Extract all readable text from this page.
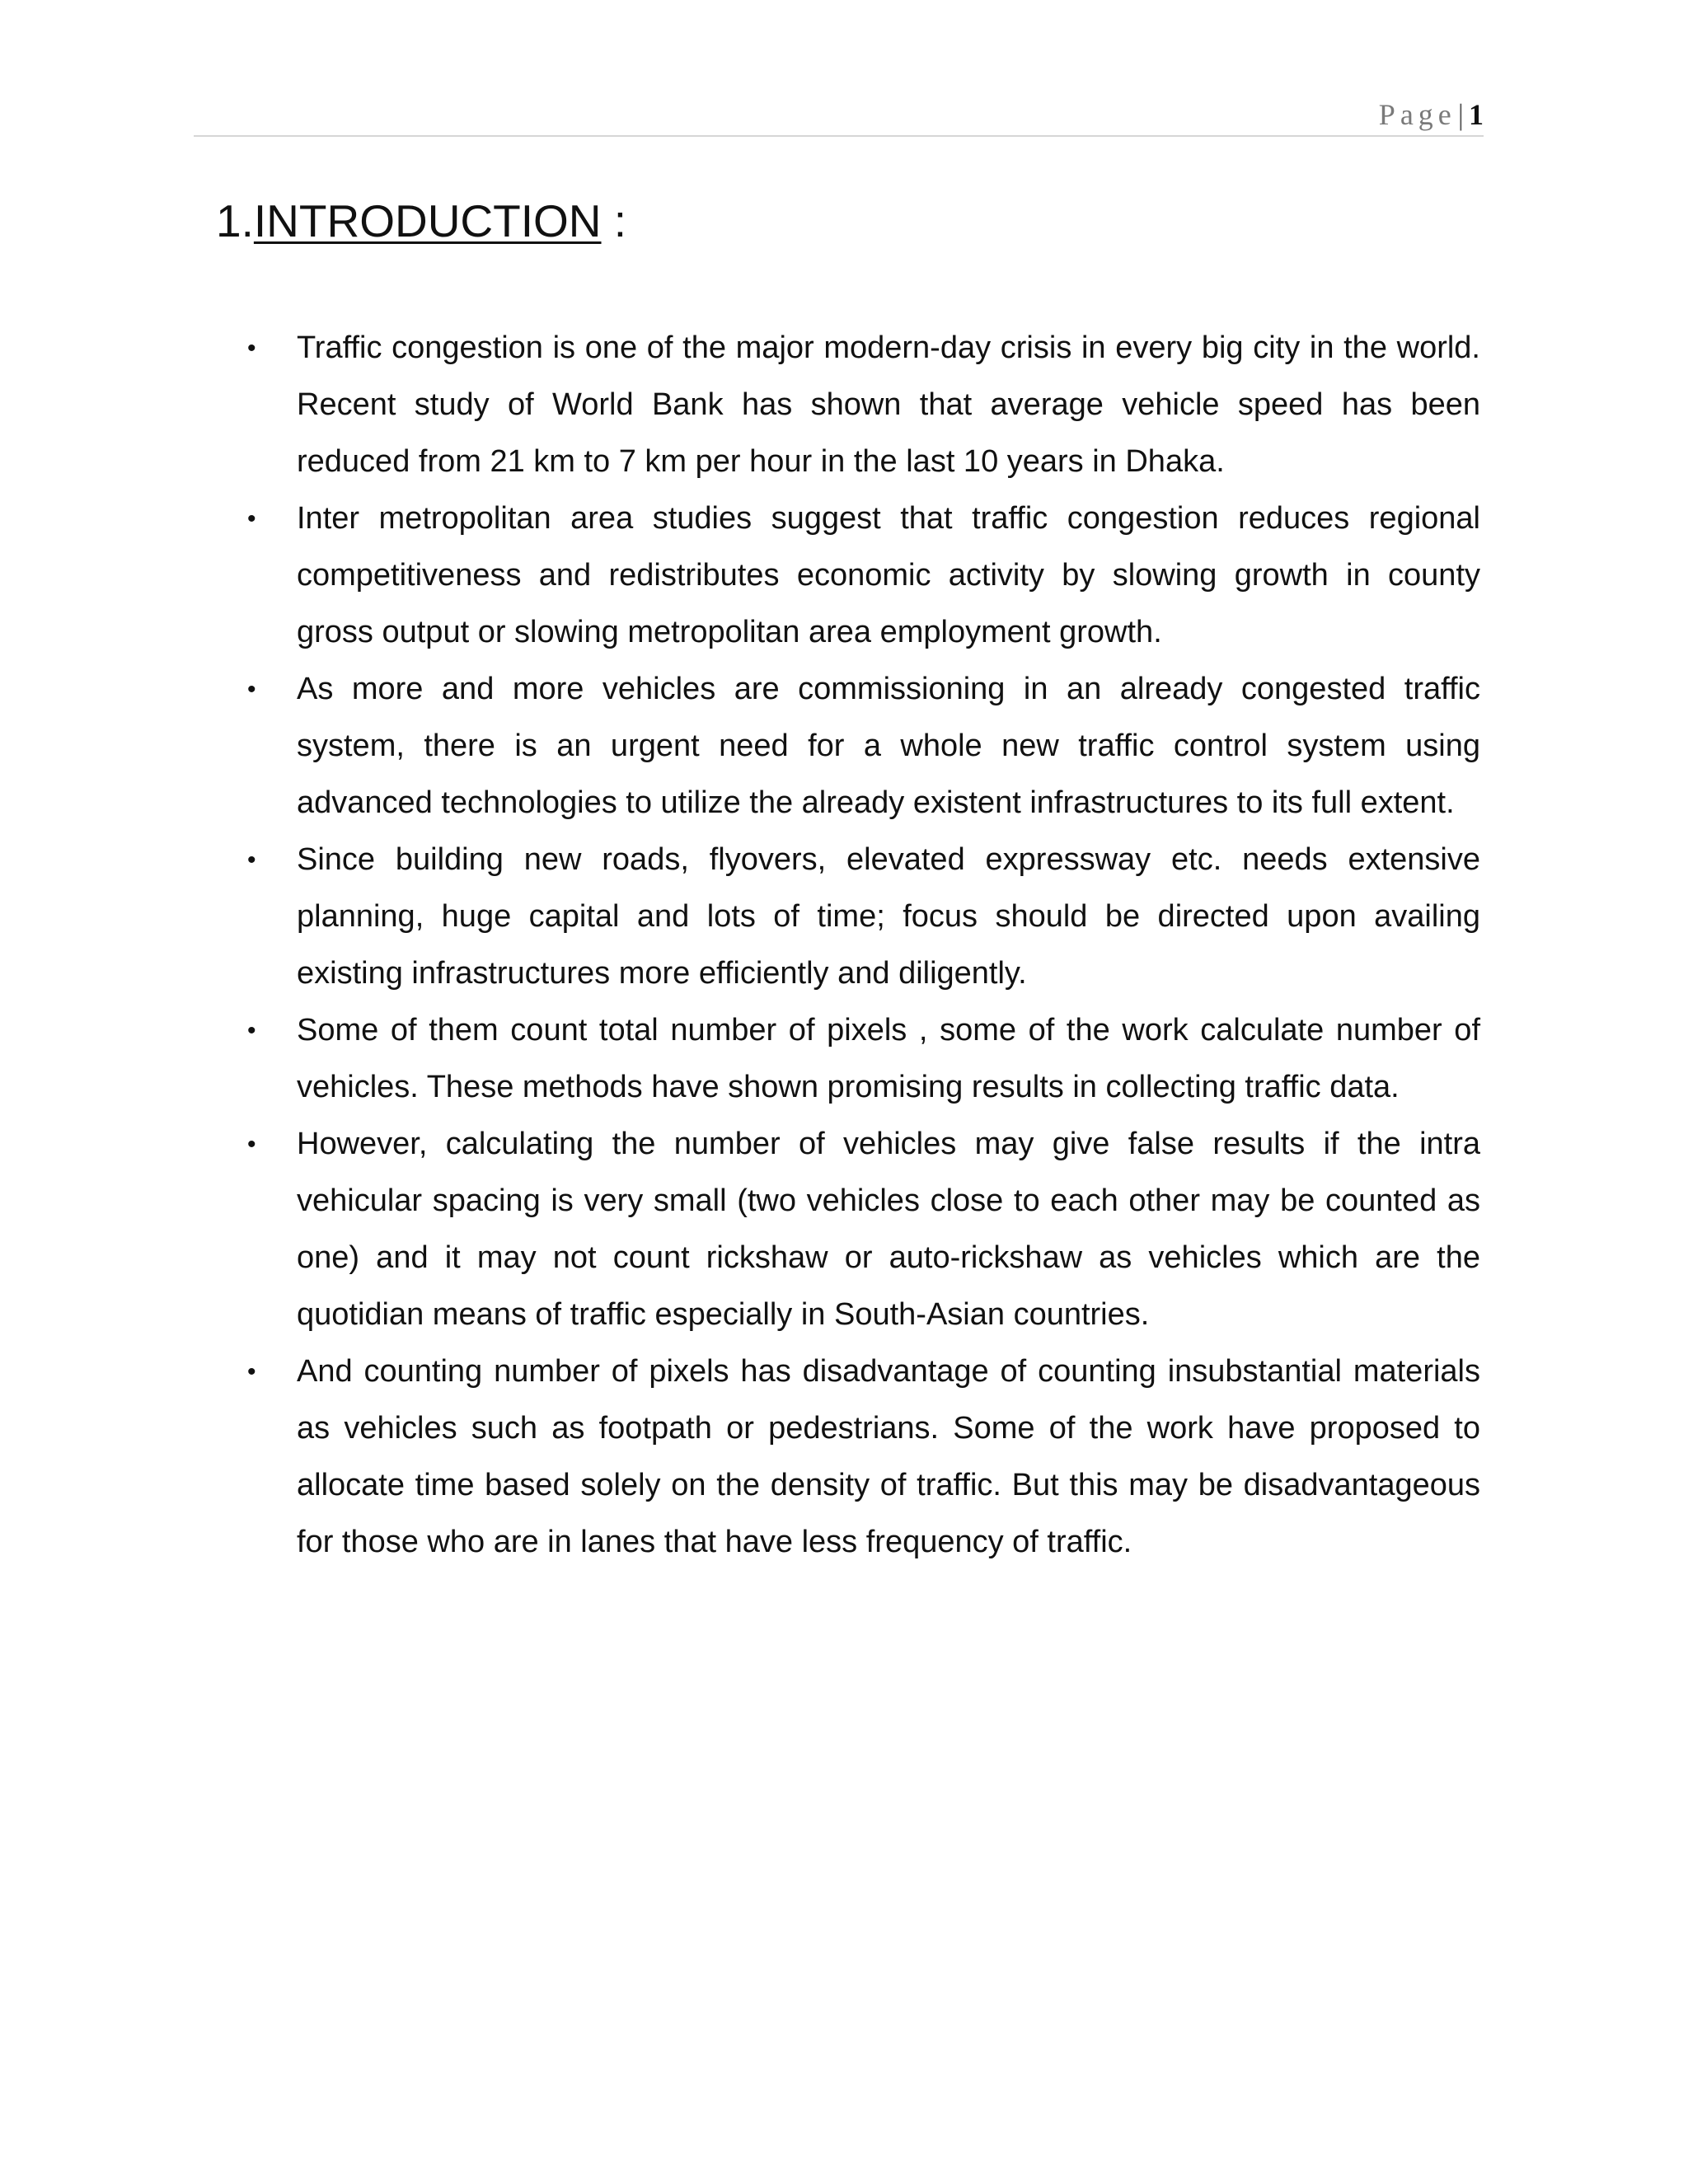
Page| 1
1.INTRODUCTION :
• Traffic congestion is one of the major modern-day crisis in every big city in the world. Recent study of World Bank has shown that average vehicle speed has been reduced from 21 km to 7 km per hour in the last 10 years in Dhaka.
• Inter metropolitan area studies suggest that traffic congestion reduces regional competitiveness and redistributes economic activity by slowing growth in county gross output or slowing metropolitan area employment growth.
• As more and more vehicles are commissioning in an already congested traffic system, there is an urgent need for a whole new traffic control system using advanced technologies to utilize the already existent infrastructures to its full extent.
• Since building new roads, flyovers, elevated expressway etc. needs extensive planning, huge capital and lots of time; focus should be directed upon availing existing infrastructures more efficiently and diligently.
• Some of them count total number of pixels , some of the work calculate number of vehicles. These methods have shown promising results in collecting traffic data.
• However, calculating the number of vehicles may give false results if the intra vehicular spacing is very small (two vehicles close to each other may be counted as one) and it may not count rickshaw or auto-rickshaw as vehicles which are the quotidian means of traffic especially in South-Asian countries.
• And counting number of pixels has disadvantage of counting insubstantial materials as vehicles such as footpath or pedestrians. Some of the work have proposed to allocate time based solely on the density of traffic. But this may be disadvantageous for those who are in lanes that have less frequency of traffic.
